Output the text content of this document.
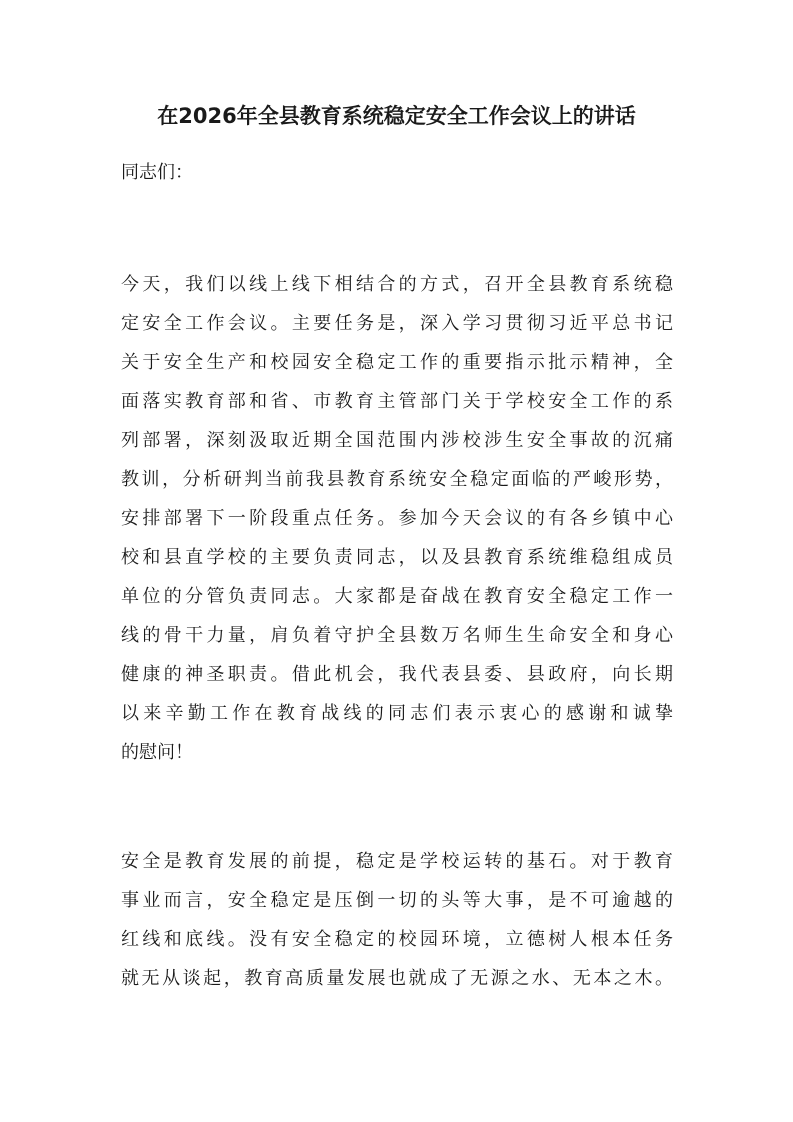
在2026年全县教育系统稳定安全工作会议上的讲话

同志们：

今天，我们以线上线下相结合的方式，召开全县教育系统稳
定安全工作会议。主要任务是，深入学习贯彻习近平总书记
关于安全生产和校园安全稳定工作的重要指示批示精神，全
面落实教育部和省、市教育主管部门关于学校安全工作的系
列部署，深刻汲取近期全国范围内涉校涉生安全事故的沉痛
教训，分析研判当前我县教育系统安全稳定面临的严峻形势，
安排部署下一阶段重点任务。参加今天会议的有各乡镇中心
校和县直学校的主要负责同志，以及县教育系统维稳组成员
单位的分管负责同志。大家都是奋战在教育安全稳定工作一
线的骨干力量，肩负着守护全县数万名师生生命安全和身心
健康的神圣职责。借此机会，我代表县委、县政府，向长期
以来辛勤工作在教育战线的同志们表示衷心的感谢和诚挚
的慰问！
安全是教育发展的前提，稳定是学校运转的基石。对于教育
事业而言，安全稳定是压倒一切的头等大事，是不可逾越的
红线和底线。没有安全稳定的校园环境，立德树人根本任务
就无从谈起，教育高质量发展也就成了无源之水、无本之木。
